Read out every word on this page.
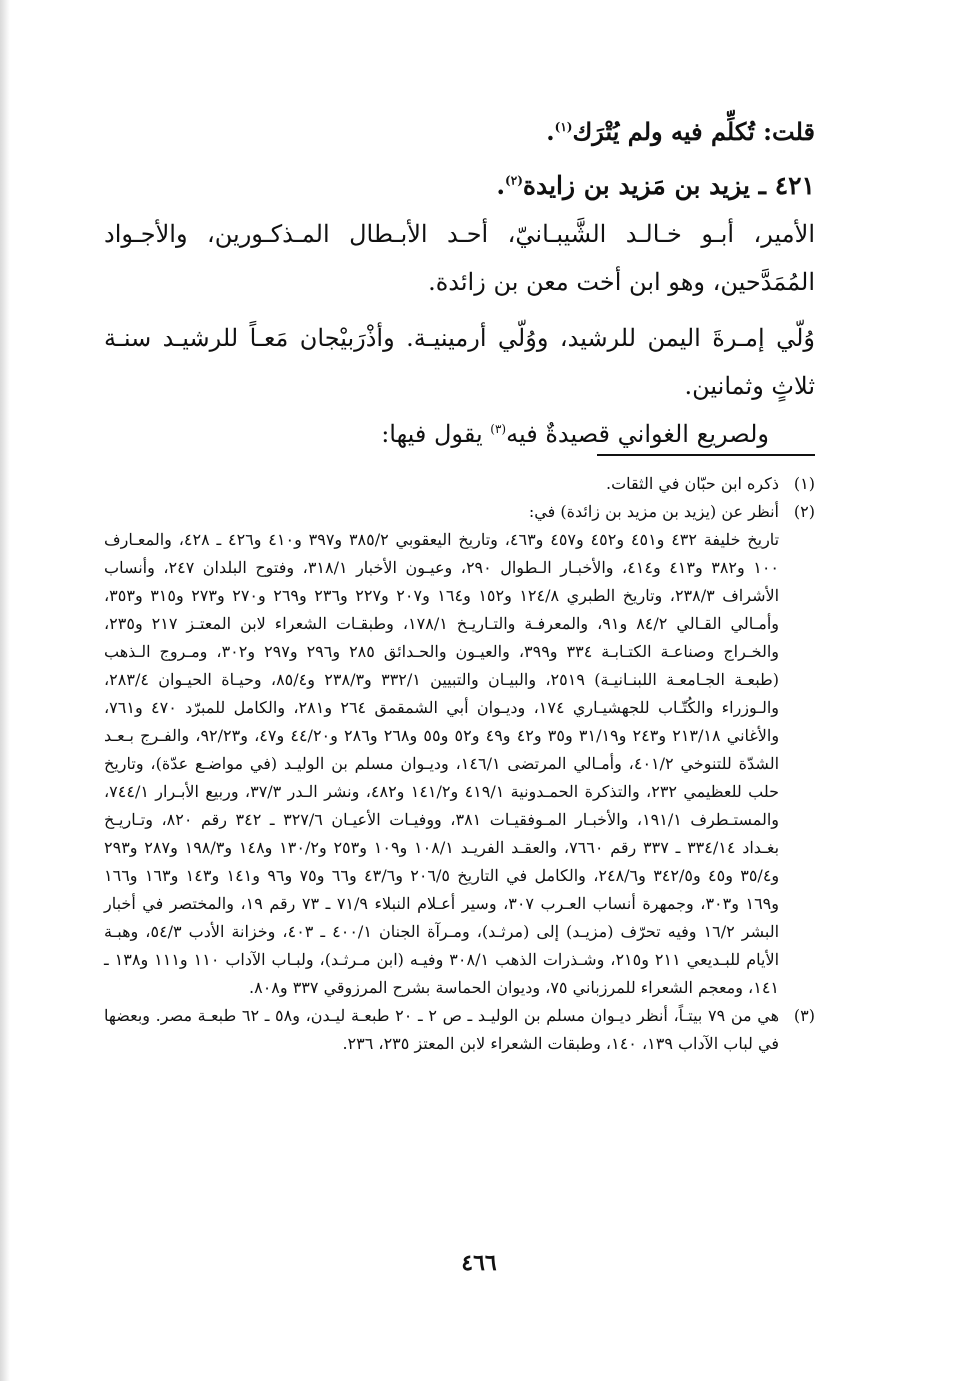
قلت: تُكلِّم فيه ولم يُتْرَك$^{(١)}$.

٤٢١ ـ يزيد بن مَزيد بن زايدة$^{(٢)}$.

الأمير، أبـو خـالـد الشَّيبـانيّ، أحـد الأبـطال المـذكـورين، والأجـواد المُمَدَّحين، وهو ابن أخت معن بن زائدة.

وُلّي إمـرةَ اليمن للرشيد، ووُلّي أرمينيـة. وأذْرَبيْجان مَعـاً للرشيـد سنـة ثلاثٍ وثمانين.

ولصريع الغواني قصيدةٌ فيه$^{(٣)}$ يقول فيها:

(١)
ذكره ابن حبّان في الثقات.

(٢)

أنظر عن (يزيد بن مزيد بن زائدة) في:

تاريخ خليفة ٤٣٢ و٤٥١ و٤٥٢ و٤٥٧ و٤٦٣، وتاريخ اليعقوبي ٣٨٥/٢ و٣٩٧ و٤١٠ و٤٢٦ ـ ٤٢٨، والمعـارف ١٠٠ و٣٨٢ و٤١٣ و٤١٤، والأخبـار الـطوال ٢٩٠، وعيـون الأخبار ٣١٨/١، وفتوح البلدان ٢٤٧، وأنساب الأشراف ٢٣٨/٣، وتاريخ الطبري ١٢٤/٨ و١٥٢ و١٦٤ و٢٠٧ و٢٢٧ و٢٣٦ و٢٦٩ و٢٧٠ و٢٧٣ و٣١٥ و٣٥٣، وأمـالي القـالي ٨٤/٢ و٩١، والمعرفـة والتـاريـخ ١٧٨/١، وطبقـات الشعراء لابن المعتـز ٢١٧ و٢٣٥، والخـراج وصناعـة الكتـابـة ٣٣٤ و٣٩٩، والعيـون والحـدائق ٢٨٥ و٢٩٦ و٢٩٧ و٣٠٢، ومـروج الـذهب (طبعـة الجـامعـة اللبنـانيـة) ٢٥١٩، والبيـان والتبيين ٣٣٢/١ و٢٣٨/٣ و٨٥/٤، وحيـاة الحيـوان ٢٨٣/٤، والـوزراء والكُتّـاب للجهشيـاري ١٧٤، وديـوان أبي الشمقمق ٢٦٤ و٢٨١، والكامل للمبرّد ٤٧٠ و٧٦١، والأغاني ٢١٣/١٨ و٢٤٣ و٣١/١٩ و٣٥ و٤٢ و٤٩ و٥٢ و٥٥ و٢٦٨ و٢٨٦ و٤٤/٢٠ و٤٧، و٩٢/٢٣، والفـرج بـعـد الشدّة للتنوخي ٤٠١/٢، وأمـالي المرتضى ١٤٦/١، وديـوان مسلم بن الوليـد (في مواضـع عدّة)، وتاريخ حلب للعظيمي ٢٣٢، والتذكرة الحمـدونية ٤١٩/١ و١٤١/٢ و٤٨٢، ونشر الـدر ٣٧/٣، وربيع الأبـرار ٧٤٤/١، والمستـطرف ١٩١/١، والأخبـار المـوفقيـات ٣٨١، ووفيـات الأعيـان ٣٢٧/٦ ـ ٣٤٢ رقم ٨٢٠، وتـاريـخ بغـداد ٣٣٤/١٤ ـ ٣٣٧ رقم ٧٦٦٠، والعقـد الفريـد ١٠٨/١ و١٠٩ و٢٥٣ و١٣٠/٢ و١٤٨ و١٩٨/٣ و٢٨٧ و٢٩٣ و٣٥/٤ و٤٥ و٣٤٢/٥ و٢٤٨/٦، والكامل في التاريخ ٢٠٦/٥ و٤٣/٦ و٦٦ و٧٥ و٩٦ و١٤١ و١٤٣ و١٦٣ و١٦٦ و١٦٩ و٣٠٣، وجمهرة أنساب العـرب ٣٠٧، وسير أعـلام النبلاء ٧١/٩ ـ ٧٣ رقم ١٩، والمختصر في أخبار البشر ١٦/٢ وفيه تحرّف (مزيـد) إلى (مرثـد)، ومـرآة الجنان ٤٠٠/١ ـ ٤٠٣، وخزانة الأدب ٥٤/٣، وهبـة الأيام للبـديعي ٢١١ و٢١٥، وشـذرات الذهب ٣٠٨/١ وفيـه (ابن مـرثـد)، ولبـاب الآداب ١١٠ و١١١ و١٣٨ ـ ١٤١، ومعجم الشعراء للمرزباني ٧٥، وديوان الحماسة بشرح المرزوقي ٣٣٧ و٨٠٨.

(٣)
هي من ٧٩ بيتـاً، أنظر ديـوان مسلم بن الوليـد ـ ص ٢ ـ ٢٠ طبعـة ليـدن، و٥٨ ـ ٦٢ طبعـة مصر. وبعضها في لباب الآداب ١٣٩، ١٤٠، وطبقات الشعراء لابن المعتز ٢٣٥، ٢٣٦.

٤٦٦
